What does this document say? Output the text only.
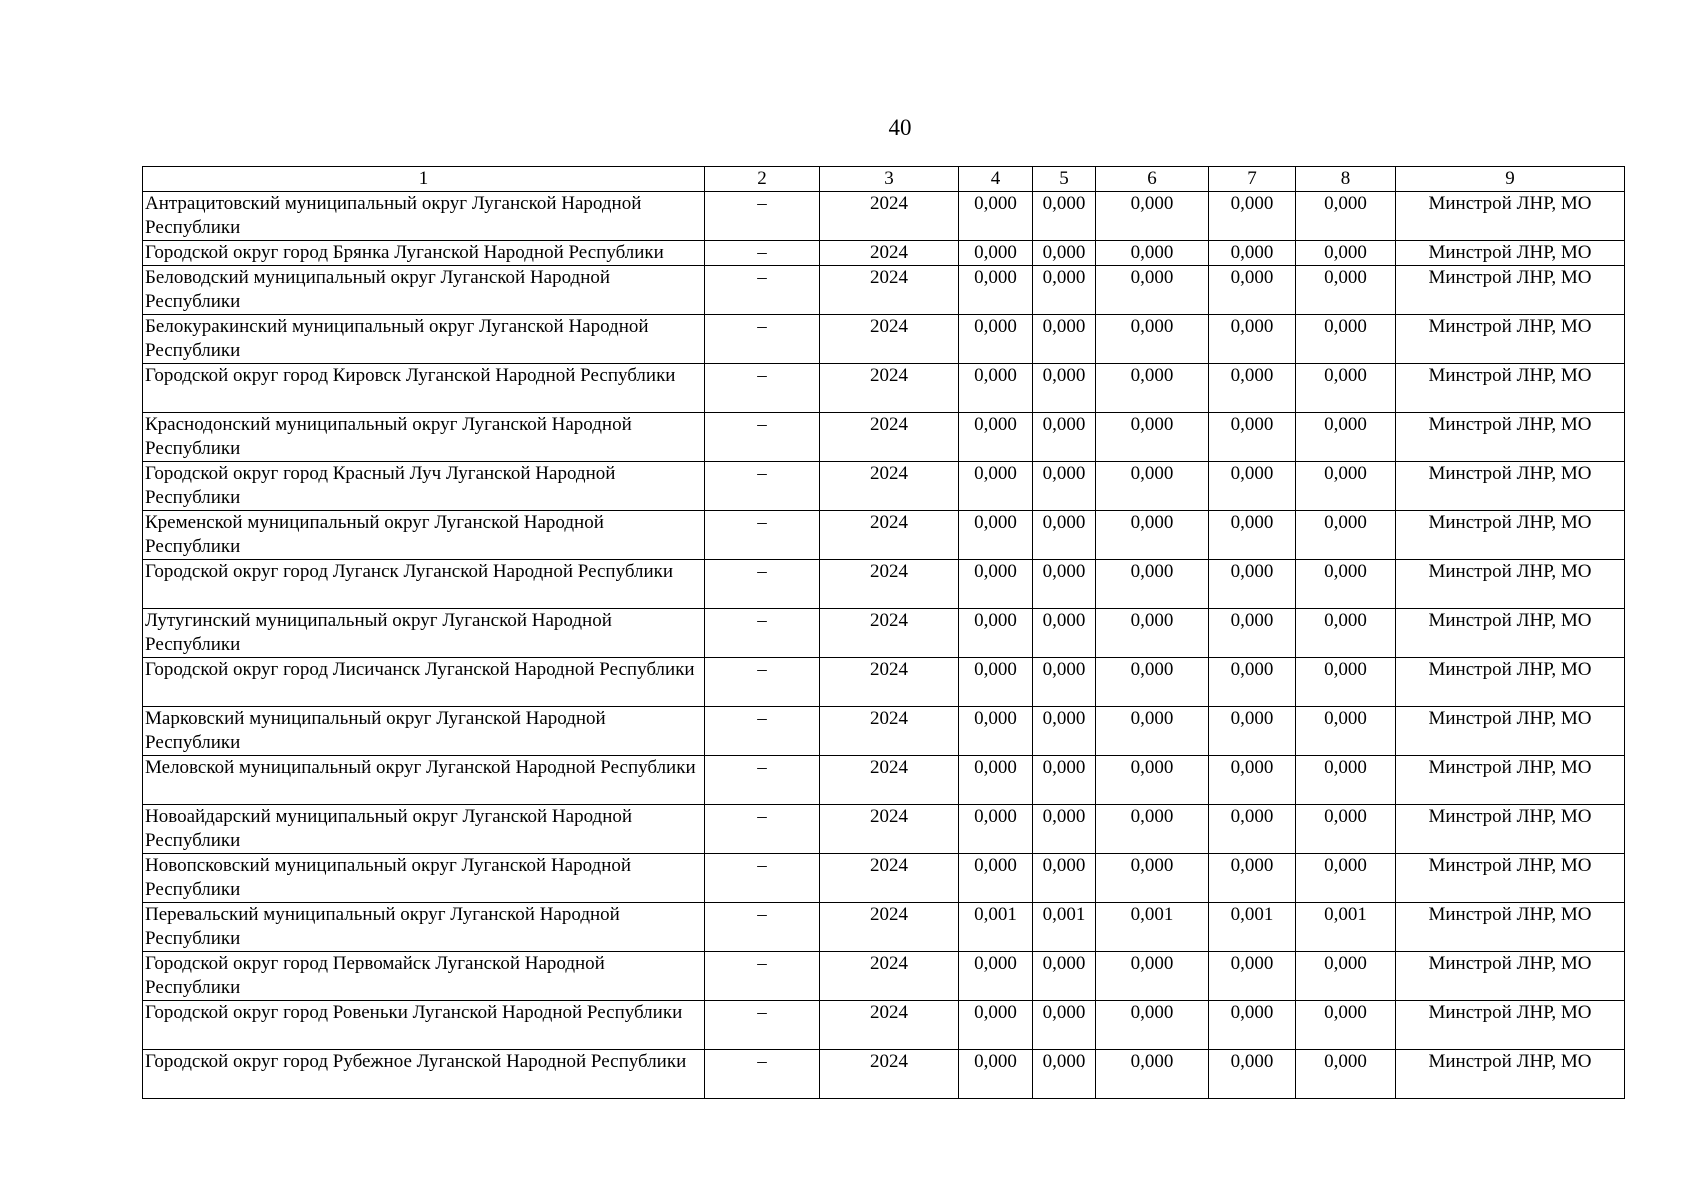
40
1	2	3	4	5	6	7	8	9
Антрацитовский муниципальный округ Луганской Народной Республики	–	2024	0,000	0,000	0,000	0,000	0,000	Минстрой ЛНР, МО
Городской округ город Брянка Луганской Народной Республики	–	2024	0,000	0,000	0,000	0,000	0,000	Минстрой ЛНР, МО
Беловодский муниципальный округ Луганской Народной Республики	–	2024	0,000	0,000	0,000	0,000	0,000	Минстрой ЛНР, МО
Белокуракинский муниципальный округ Луганской Народной Республики	–	2024	0,000	0,000	0,000	0,000	0,000	Минстрой ЛНР, МО
Городской округ город Кировск Луганской Народной Республики	–	2024	0,000	0,000	0,000	0,000	0,000	Минстрой ЛНР, МО
Краснодонский муниципальный округ Луганской Народной Республики	–	2024	0,000	0,000	0,000	0,000	0,000	Минстрой ЛНР, МО
Городской округ город Красный Луч Луганской Народной Республики	–	2024	0,000	0,000	0,000	0,000	0,000	Минстрой ЛНР, МО
Кременской муниципальный округ Луганской Народной Республики	–	2024	0,000	0,000	0,000	0,000	0,000	Минстрой ЛНР, МО
Городской округ город Луганск Луганской Народной Республики	–	2024	0,000	0,000	0,000	0,000	0,000	Минстрой ЛНР, МО
Лутугинский муниципальный округ Луганской Народной Республики	–	2024	0,000	0,000	0,000	0,000	0,000	Минстрой ЛНР, МО
Городской округ город Лисичанск Луганской Народной Республики	–	2024	0,000	0,000	0,000	0,000	0,000	Минстрой ЛНР, МО
Марковский муниципальный округ Луганской Народной Республики	–	2024	0,000	0,000	0,000	0,000	0,000	Минстрой ЛНР, МО
Меловской муниципальный округ Луганской Народной Республики	–	2024	0,000	0,000	0,000	0,000	0,000	Минстрой ЛНР, МО
Новоайдарский муниципальный округ Луганской Народной Республики	–	2024	0,000	0,000	0,000	0,000	0,000	Минстрой ЛНР, МО
Новопсковский муниципальный округ Луганской Народной Республики	–	2024	0,000	0,000	0,000	0,000	0,000	Минстрой ЛНР, МО
Перевальский муниципальный округ Луганской Народной Республики	–	2024	0,001	0,001	0,001	0,001	0,001	Минстрой ЛНР, МО
Городской округ город Первомайск Луганской Народной Республики	–	2024	0,000	0,000	0,000	0,000	0,000	Минстрой ЛНР, МО
Городской округ город Ровеньки Луганской Народной Республики	–	2024	0,000	0,000	0,000	0,000	0,000	Минстрой ЛНР, МО
Городской округ город Рубежное Луганской Народной Республики	–	2024	0,000	0,000	0,000	0,000	0,000	Минстрой ЛНР, МО
